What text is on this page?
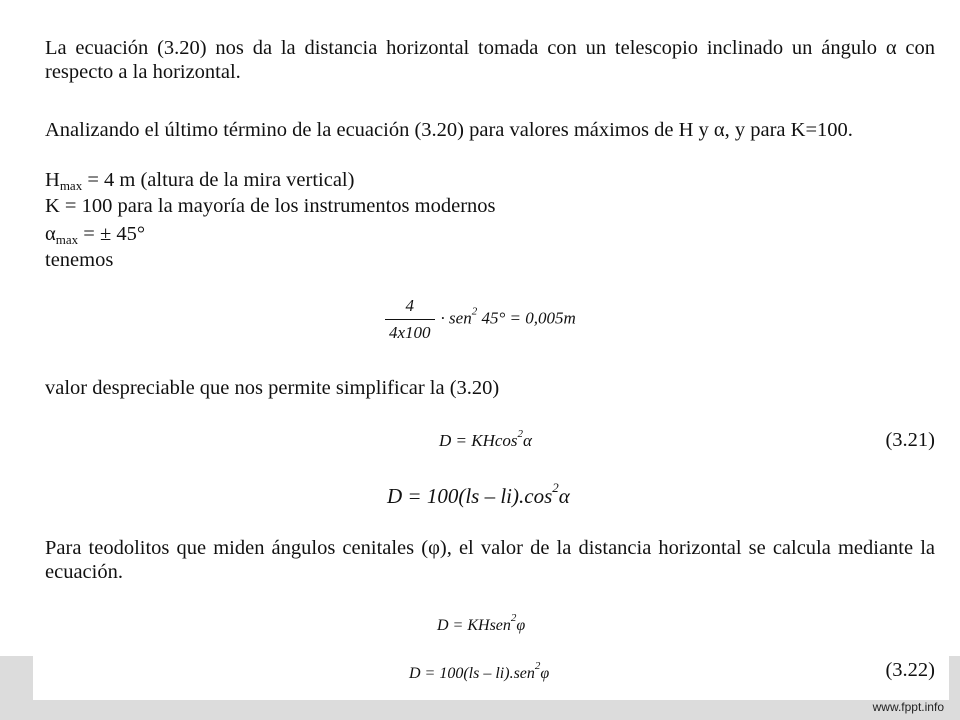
La ecuación (3.20) nos da la distancia horizontal tomada con un telescopio inclinado un ángulo α con respecto a la horizontal.

Analizando el último término de la ecuación (3.20) para valores máximos de H y α, y para K=100.

$H_{max} = 4$ m (altura de la mira vertical)

K = 100 para la mayoría de los instrumentos modernos

$\alpha_{max}$ = ± 45°

tenemos

$\frac{4}{4x100} \cdot sen^2$ 45° = 0,005m

valor despreciable que nos permite simplificar la (3.20)

D = KHcos$^2$α	(3.21)

$D = 100(ls - li).\cos^2\alpha$

Para teodolitos que miden ángulos cenitales (φ), el valor de la distancia horizontal se calcula mediante la ecuación.

D = KHsen$^2$φ
D = 100(ls – li).sen$^2$φ	(3.22)

www.fppt.info
